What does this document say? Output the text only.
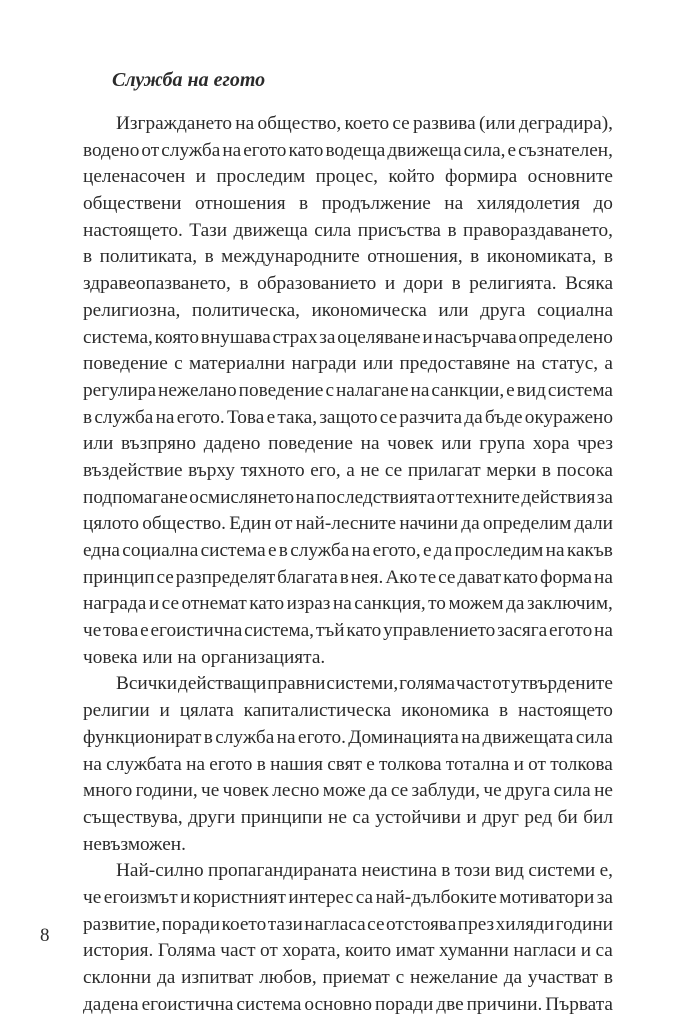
Служба на егото
Изграждането на общество, което се развива (или деградира),
водено от служба на егото като водеща движеща сила, е съзнателен,
целенасочен и проследим процес, който формира основните
обществени отношения в продължение на хилядолетия до
настоящето. Тази движеща сила присъства в правораздаването,
в политиката, в международните отношения, в икономиката, в
здравеопазването, в образованието и дори в религията. Всяка
религиозна, политическа, икономическа или друга социална
система, която внушава страх за оцеляване и насърчава определено
поведение с материални награди или предоставяне на статус, а
регулира нежелано поведение с налагане на санкции, е вид система
в служба на егото. Това е така, защото се разчита да бъде окуражено
или възпряно дадено поведение на човек или група хора чрез
въздействие върху тяхното его, а не се прилагат мерки в посока
подпомагане осмислянето на последствията от техните действия за
цялото общество. Един от най-лесните начини да определим дали
една социална система е в служба на егото, е да проследим на какъв
принцип се разпределят благата в нея. Ако те се дават като форма на
награда и се отнемат като израз на санкция, то можем да заключим,
че това е егоистична система, тъй като управлението засяга егото на
човека или на организацията.
Всички действащи правни системи, голяма част от утвърдените
религии и цялата капиталистическа икономика в настоящето
функционират в служба на егото. Доминацията на движещата сила
на службата на егото в нашия свят е толкова тотална и от толкова
много години, че човек лесно може да се заблуди, че друга сила не
съществува, други принципи не са устойчиви и друг ред би бил
невъзможен.
Най-силно пропагандираната неистина в този вид системи е,
че егоизмът и користният интерес са най-дълбоките мотиватори за
развитие, поради което тази нагласа се отстоява през хиляди години
история. Голяма част от хората, които имат хуманни нагласи и са
склонни да изпитват любов, приемат с нежелание да участват в
дадена егоистична система основно поради две причини. Първата
8
